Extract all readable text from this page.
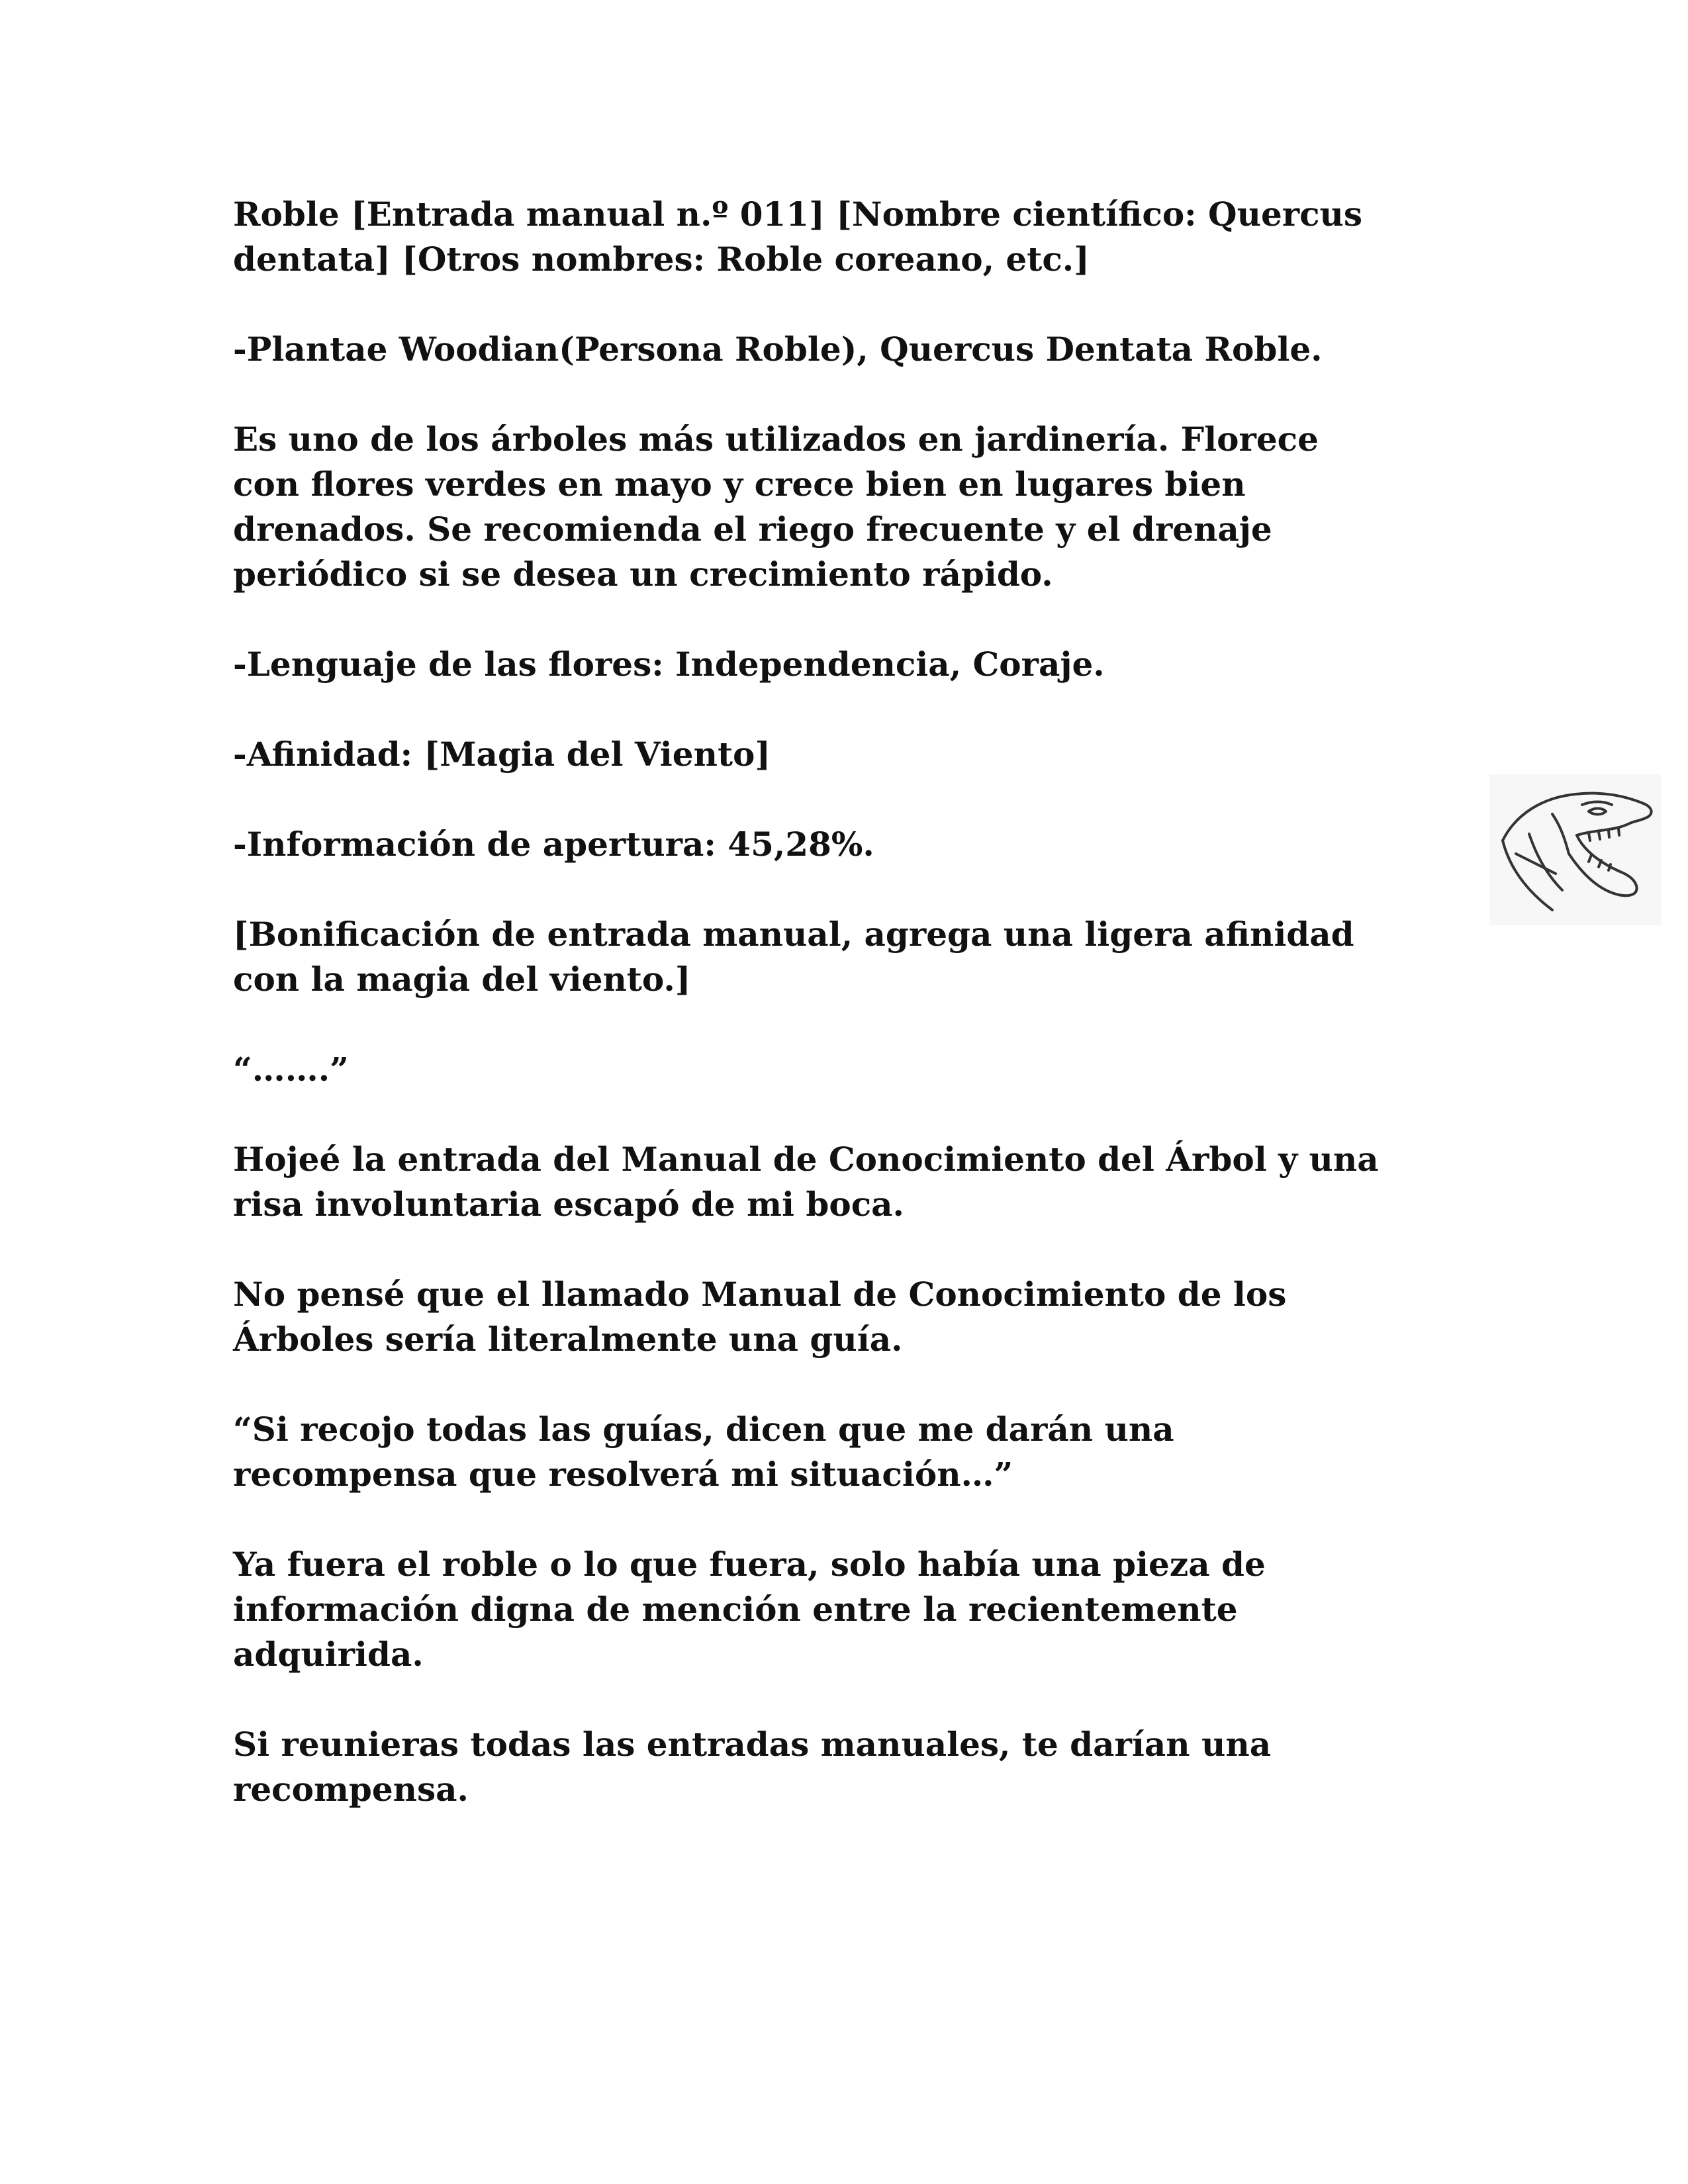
Roble [Entrada manual n.º 011] [Nombre científico: Quercus
dentata] [Otros nombres: Roble coreano, etc.]

-Plantae Woodian(Persona Roble), Quercus Dentata Roble.

Es uno de los árboles más utilizados en jardinería. Florece
con flores verdes en mayo y crece bien en lugares bien
drenados. Se recomienda el riego frecuente y el drenaje
periódico si se desea un crecimiento rápido.

-Lenguaje de las flores: Independencia, Coraje.

-Afinidad: [Magia del Viento]

-Información de apertura: 45,28%.

[Bonificación de entrada manual, agrega una ligera afinidad
con la magia del viento.]

“…….”

Hojeé la entrada del Manual de Conocimiento del Árbol y una
risa involuntaria escapó de mi boca.

No pensé que el llamado Manual de Conocimiento de los
Árboles sería literalmente una guía.

“Si recojo todas las guías, dicen que me darán una
recompensa que resolverá mi situación…”

Ya fuera el roble o lo que fuera, solo había una pieza de
información digna de mención entre la recientemente
adquirida.

Si reunieras todas las entradas manuales, te darían una
recompensa.
